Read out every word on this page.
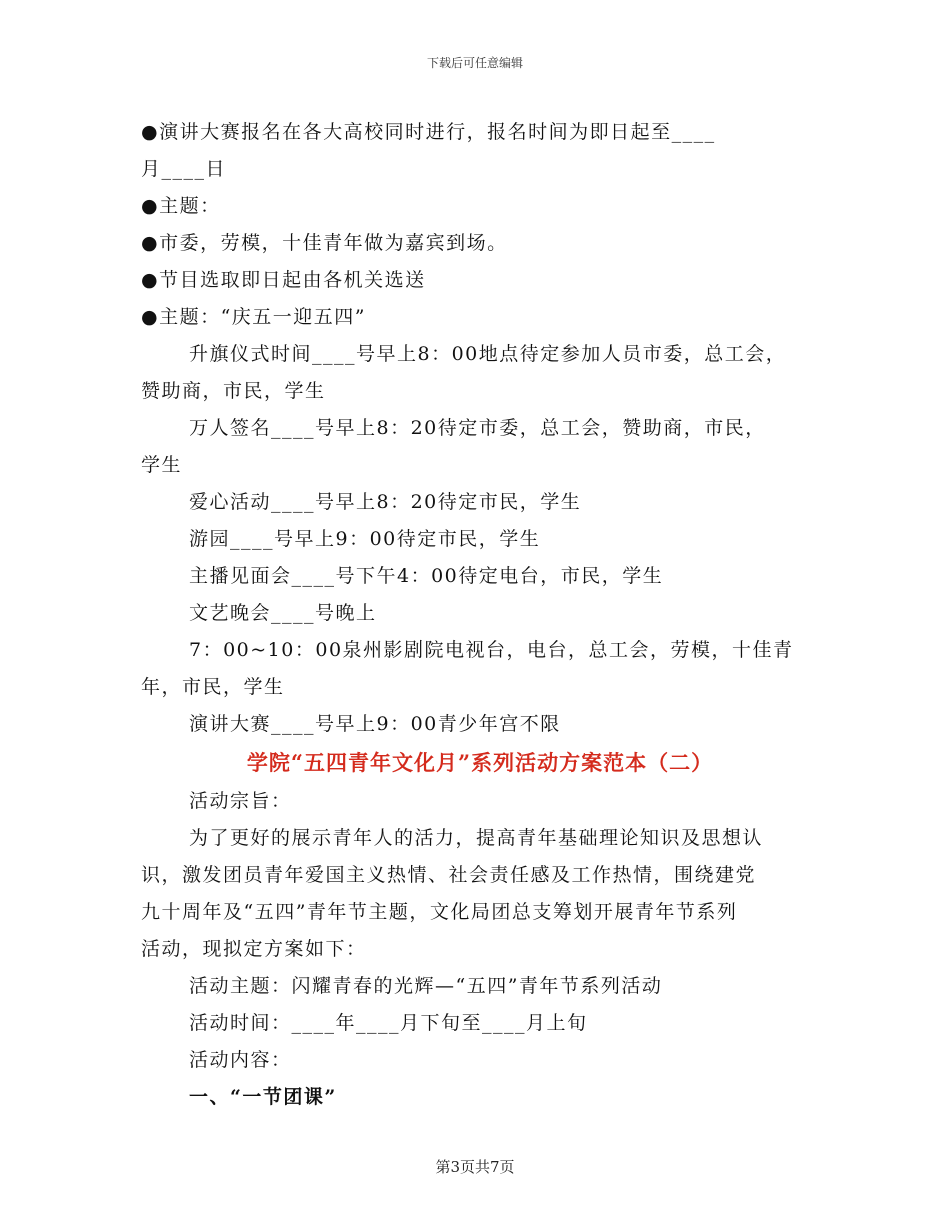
下载后可任意编辑
●演讲大赛报名在各大高校同时进行，报名时间为即日起至____
月____日
●主题：
●市委，劳模，十佳青年做为嘉宾到场。
●节目选取即日起由各机关选送
●主题：“庆五一迎五四”
升旗仪式时间____号早上8：00地点待定参加人员市委，总工会，
赞助商，市民，学生
万人签名____号早上8：20待定市委，总工会，赞助商，市民，
学生
爱心活动____号早上8：20待定市民，学生
游园____号早上9：00待定市民，学生
主播见面会____号下午4：00待定电台，市民，学生
文艺晚会____号晚上
7：00~10：00泉州影剧院电视台，电台，总工会，劳模，十佳青
年，市民，学生
演讲大赛____号早上9：00青少年宫不限
学院“五四青年文化月”系列活动方案范本（二）
活动宗旨：
为了更好的展示青年人的活力，提高青年基础理论知识及思想认
识，激发团员青年爱国主义热情、社会责任感及工作热情，围绕建党
九十周年及“五四”青年节主题，文化局团总支筹划开展青年节系列
活动，现拟定方案如下：
活动主题：闪耀青春的光辉—“五四”青年节系列活动
活动时间：____年____月下旬至____月上旬
活动内容：
一、“一节团课”
第3页共7页
